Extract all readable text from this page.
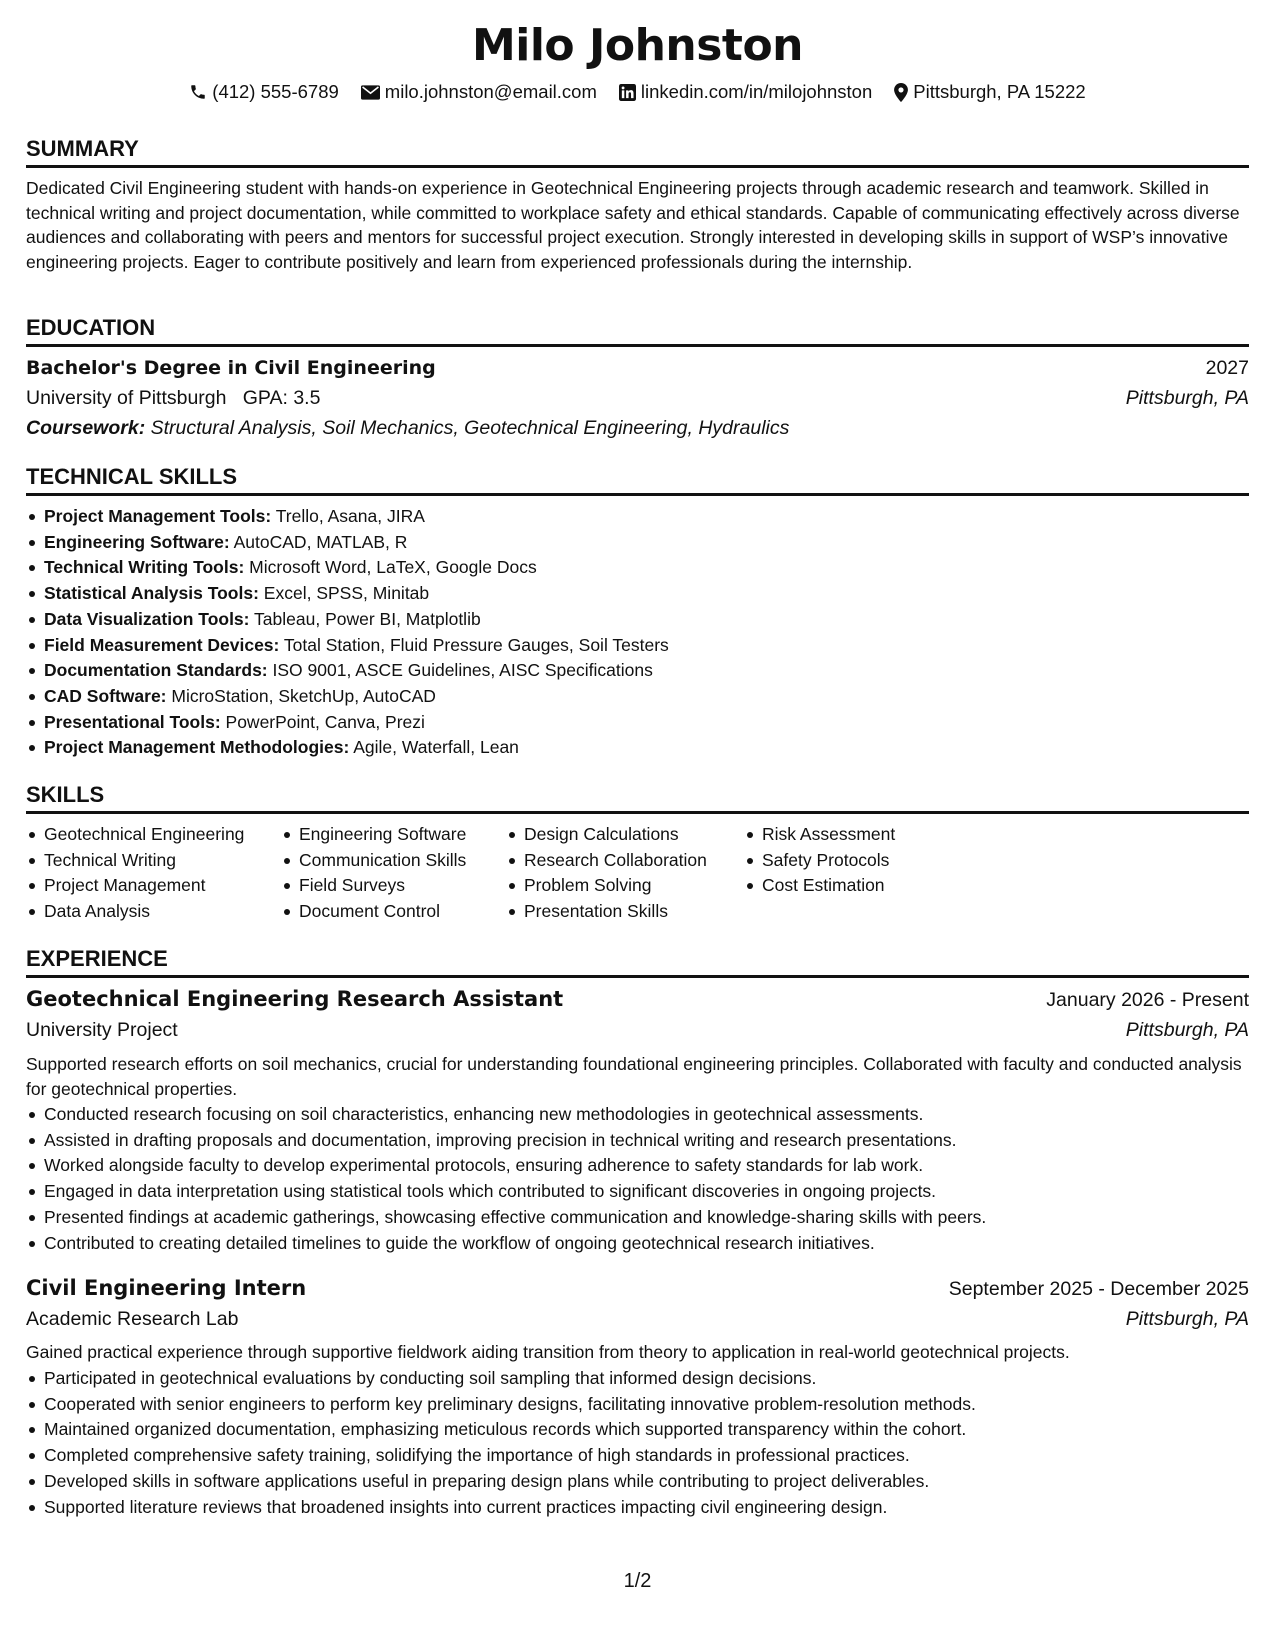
Milo Johnston
(412) 555-6789 milo.johnston@email.com linkedin.com/in/milojohnston Pittsburgh, PA 15222
SUMMARY
Dedicated Civil Engineering student with hands-on experience in Geotechnical Engineering projects through academic research and teamwork. Skilled in technical writing and project documentation, while committed to workplace safety and ethical standards. Capable of communicating effectively across diverse audiences and collaborating with peers and mentors for successful project execution. Strongly interested in developing skills in support of WSP’s innovative engineering projects. Eager to contribute positively and learn from experienced professionals during the internship.
EDUCATION
Bachelor's Degree in Civil Engineering	2027
University of Pittsburgh GPA: 3.5	Pittsburgh, PA
Coursework: Structural Analysis, Soil Mechanics, Geotechnical Engineering, Hydraulics
TECHNICAL SKILLS
Project Management Tools: Trello, Asana, JIRA
Engineering Software: AutoCAD, MATLAB, R
Technical Writing Tools: Microsoft Word, LaTeX, Google Docs
Statistical Analysis Tools: Excel, SPSS, Minitab
Data Visualization Tools: Tableau, Power BI, Matplotlib
Field Measurement Devices: Total Station, Fluid Pressure Gauges, Soil Testers
Documentation Standards: ISO 9001, ASCE Guidelines, AISC Specifications
CAD Software: MicroStation, SketchUp, AutoCAD
Presentational Tools: PowerPoint, Canva, Prezi
Project Management Methodologies: Agile, Waterfall, Lean
SKILLS
Geotechnical Engineering
Technical Writing
Project Management
Data Analysis
Engineering Software
Communication Skills
Field Surveys
Document Control
Design Calculations
Research Collaboration
Problem Solving
Presentation Skills
Risk Assessment
Safety Protocols
Cost Estimation
EXPERIENCE
Geotechnical Engineering Research Assistant	January 2026 - Present
University Project	Pittsburgh, PA
Supported research efforts on soil mechanics, crucial for understanding foundational engineering principles. Collaborated with faculty and conducted analysis for geotechnical properties.
Conducted research focusing on soil characteristics, enhancing new methodologies in geotechnical assessments.
Assisted in drafting proposals and documentation, improving precision in technical writing and research presentations.
Worked alongside faculty to develop experimental protocols, ensuring adherence to safety standards for lab work.
Engaged in data interpretation using statistical tools which contributed to significant discoveries in ongoing projects.
Presented findings at academic gatherings, showcasing effective communication and knowledge-sharing skills with peers.
Contributed to creating detailed timelines to guide the workflow of ongoing geotechnical research initiatives.
Civil Engineering Intern	September 2025 - December 2025
Academic Research Lab	Pittsburgh, PA
Gained practical experience through supportive fieldwork aiding transition from theory to application in real-world geotechnical projects.
Participated in geotechnical evaluations by conducting soil sampling that informed design decisions.
Cooperated with senior engineers to perform key preliminary designs, facilitating innovative problem-resolution methods.
Maintained organized documentation, emphasizing meticulous records which supported transparency within the cohort.
Completed comprehensive safety training, solidifying the importance of high standards in professional practices.
Developed skills in software applications useful in preparing design plans while contributing to project deliverables.
Supported literature reviews that broadened insights into current practices impacting civil engineering design.
1/2
